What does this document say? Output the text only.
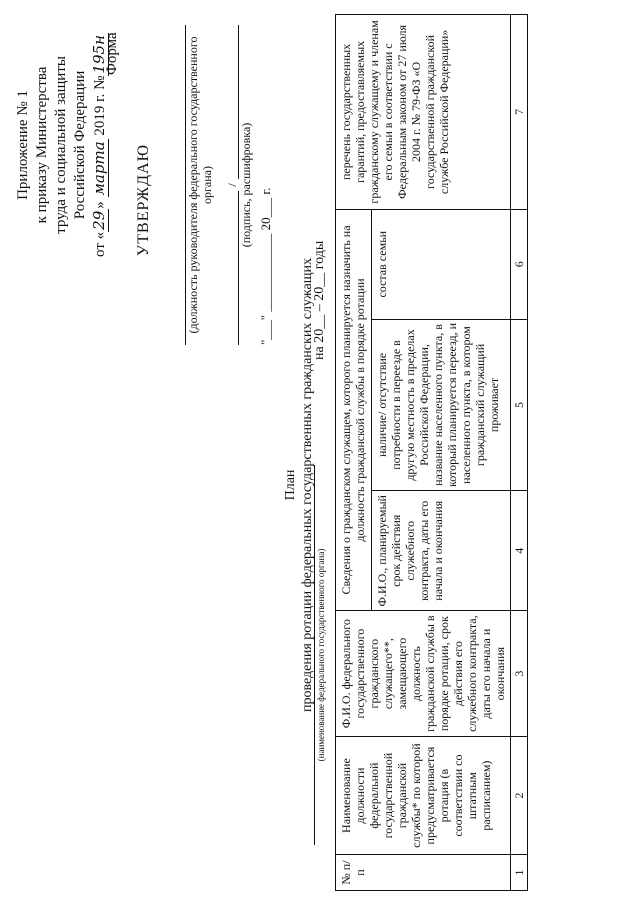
Приложение № 1 к приказу Министерства труда и социальной защиты Российской Федерации
от «29» марта 2019 г. №195н
Форма
УТВЕРЖДАЮ	(должность руководителя федерального государственного органа) / (подпись, расшифровка)
"___" ____________ 20___ г.
План проведения ротации федеральных государственных гражданских служащих (наименование федерального государственного органа)
на 20__ – 20__ годы
№ п/п	Наименование должности федеральной государственной гражданской службы* по которой предусматривается ротация (в соответствии со штатным расписанием)	Ф.И.О. федерального государственного гражданского служащего**, замещающего должность гражданской службы в порядке ротации, срок действия его служебного контракта, даты его начала и окончания	Сведения о гражданском служащем, которого планируется назначить на должность гражданской службы в порядке ротации			перечень государственных гарантий, предоставляемых гражданскому служащему и членам его семьи в соответствии с Федеральным законом от 27 июля 2004 г. № 79-ФЗ «О государственной гражданской службе Российской Федерации»
			Ф.И.О., планируемый срок действия служебного контракта, даты его начала и окончания	наличие/ отсутствие потребности в переезде в другую местность в пределах Российской Федерации, название населенного пункта, в который планируется переезд, и населенного пункта, в котором гражданский служащий проживает	состав семьи	
1	2	3	4	5	6	7
